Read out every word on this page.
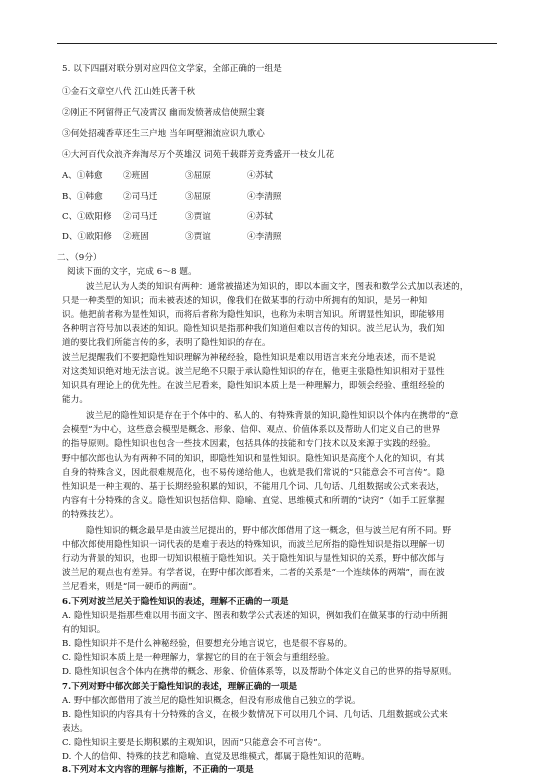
5. 以下四副对联分别对应四位文学家，全部正确的一组是
①金石文章空八代 江山姓氏著千秋
②刚正不阿留得正气凌霄汉 幽而发愤著成信使照尘寰
③何处招魂香草还生三户地 当年呵壁湘流应识九歌心
④大河百代众浪齐奔淘尽万个英雄汉 词苑千载群芳竞秀盛开一枝女儿花
A、①韩愈 ②班固	③屈原	④苏轼
B、①韩愈 ②司马迁	③屈原	④李清照
C、①欧阳修 ②司马迁	③贾谊	④苏轼
D、①欧阳修 ②班固	③贾谊	④李清照
二、（9分）
阅读下面的文字，完成 6～8 题。
波兰尼认为人类的知识有两种：通常被描述为知识的，即以本面文字，图表和数学公式加以表述的，
只是一种类型的知识；而未被表述的知识，像我们在做某事的行动中所拥有的知识，是另一种知
识。他把前者称为显性知识，而将后者称为隐性知识，也称为未明言知识。所谓显性知识，即能够用
各种明言符号加以表述的知识。隐性知识是指那种我们知道但难以言传的知识。波兰尼认为，我们知
道的要比我们所能言传的多，表明了隐性知识的存在。
波兰尼提醒我们不要把隐性知识理解为神秘经验，隐性知识是难以用语言来充分地表述，而不是说
对这类知识绝对地无法言说。波兰尼绝不只限于承认隐性知识的存在，他更主张隐性知识相对于显性
知识具有理论上的优先性。在波兰尼看来，隐性知识本质上是一种理解力，即领会经验、重组经验的
能力。
波兰尼的隐性知识是存在于个体中的、私人的、有特殊背景的知识,隐性知识以个体内在携带的“意
会模型”为中心，这些意会模型是概念、形象、信仰、观点、价值体系以及帮助人们定义自己的世界
的指导原则。隐性知识也包含一些技术因素，包括具体的技能和专门技术以及来源于实践的经验。
野中郁次郎也认为有两种不同的知识，即隐性知识和显性知识。隐性知识是高度个人化的知识，有其
自身的特殊含义，因此很难规范化，也不易传递给他人，也就是我们常说的“只能意会不可言传”。隐
性知识是一种主观的、基于长期经验积累的知识，不能用几个词、几句话、几组数据或公式来表达，
内容有十分特殊的含义。隐性知识包括信仰、隐喻、直觉、思维模式和所谓的“诀窍”（如手工匠掌握
的特殊技艺）。
隐性知识的概念最早是由波兰尼提出的，野中郁次郎借用了这一概念，但与波兰尼有所不同。野
中郁次郎使用隐性知识一词代表的是难于表达的特殊知识，而波兰尼所指的隐性知识是指以理解一切
行动为背景的知识，也即一切知识根植于隐性知识。关于隐性知识与显性知识的关系，野中郁次郎与
波兰尼的观点也有差异。有学者说，在野中郁次郎看来，二者的关系是“一个连续体的两端”，而在波
兰尼看来，则是“同一硬币的两面”。
6.下列对波兰尼关于隐性知识的表述，理解不正确的一项是
A. 隐性知识是指那些难以用书面文字、图表和数学公式表述的知识，例如我们在做某事的行动中所拥
有的知识。
B. 隐性知识并不是什么神秘经验，但要想充分地言说它，也是很不容易的。
C. 隐性知识本质上是一种理解力，掌握它的目的在于领会与重组经验。
D. 隐性知识包含个体内在携带的概念、形象、价值体系等，以及帮助个体定义自己的世界的指导原则。
7.下列对野中郁次郎关于隐性知识的表述，理解正确的一项是
A. 野中郁次郎借用了波兰尼的隐性知识概念，但没有形成他自己独立的学说。
B. 隐性知识的内容具有十分特殊的含义，在极少数情况下可以用几个词、几句话、几组数据或公式来
表达。
C. 隐性知识主要是长期积累的主观知识，因而”只能意会不可言传”。
D. 个人的信仰、特殊的技艺和隐喻、直觉及思维模式，都属于隐性知识的范畴。
8.下列对本文内容的理解与推断，不正确的一项是
